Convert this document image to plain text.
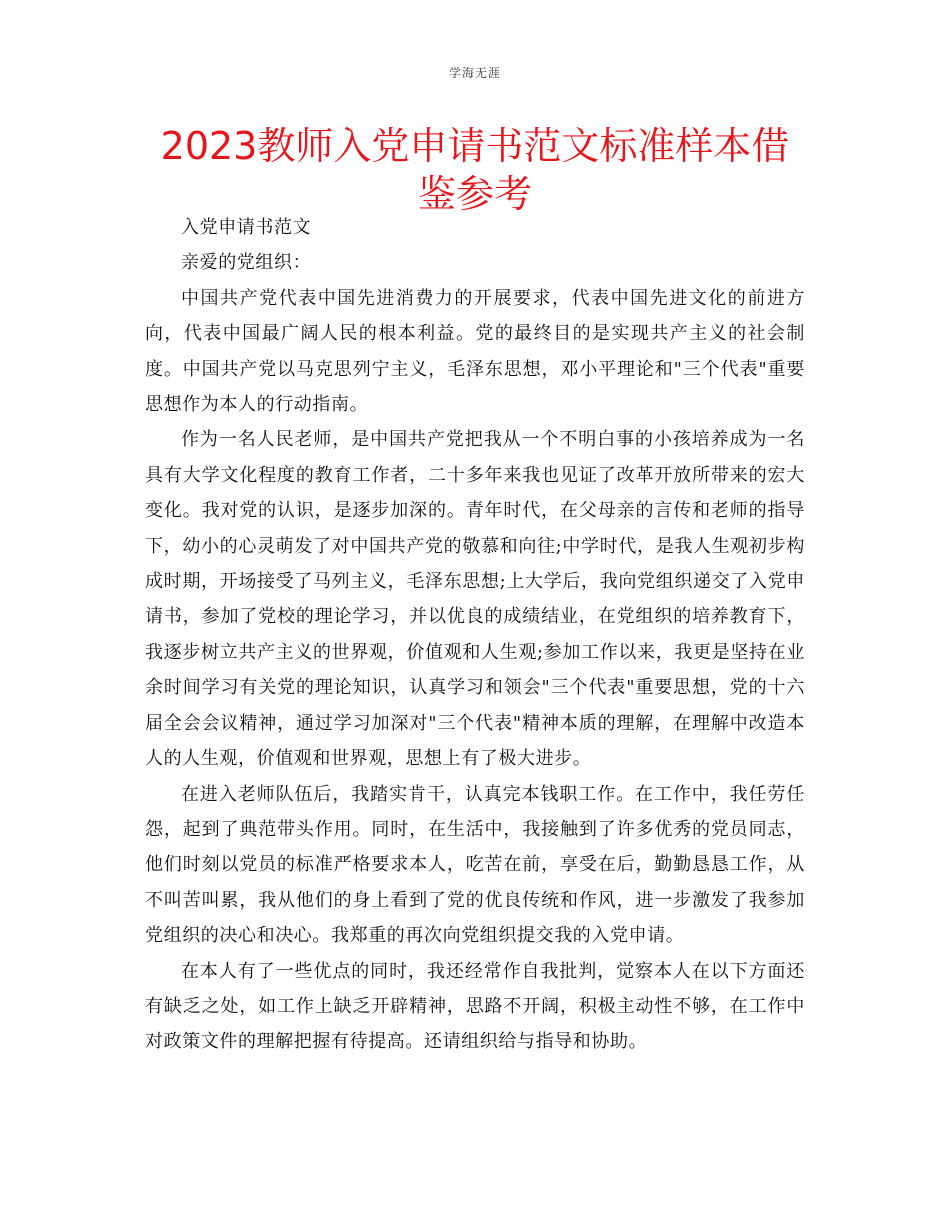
学海无涯
2023教师入党申请书范文标准样本借鉴参考

入党申请书范文

亲爱的党组织：

中国共产党代表中国先进消费力的开展要求，代表中国先进文化的前进方向，代表中国最广阔人民的根本利益。党的最终目的是实现共产主义的社会制度。中国共产党以马克思列宁主义，毛泽东思想，邓小平理论和"三个代表"重要思想作为本人的行动指南。

作为一名人民老师，是中国共产党把我从一个不明白事的小孩培养成为一名具有大学文化程度的教育工作者，二十多年来我也见证了改革开放所带来的宏大变化。我对党的认识，是逐步加深的。青年时代，在父母亲的言传和老师的指导下，幼小的心灵萌发了对中国共产党的敬慕和向往;中学时代，是我人生观初步构成时期，开场接受了马列主义，毛泽东思想;上大学后，我向党组织递交了入党申请书，参加了党校的理论学习，并以优良的成绩结业，在党组织的培养教育下，我逐步树立共产主义的世界观，价值观和人生观;参加工作以来，我更是坚持在业余时间学习有关党的理论知识，认真学习和领会"三个代表"重要思想，党的十六届全会会议精神，通过学习加深对"三个代表"精神本质的理解，在理解中改造本人的人生观，价值观和世界观，思想上有了极大进步。

在进入老师队伍后，我踏实肯干，认真完本钱职工作。在工作中，我任劳任怨，起到了典范带头作用。同时，在生活中，我接触到了许多优秀的党员同志，他们时刻以党员的标准严格要求本人，吃苦在前，享受在后，勤勤恳恳工作，从不叫苦叫累，我从他们的身上看到了党的优良传统和作风，进一步激发了我参加党组织的决心和决心。我郑重的再次向党组织提交我的入党申请。

在本人有了一些优点的同时，我还经常作自我批判，觉察本人在以下方面还有缺乏之处，如工作上缺乏开辟精神，思路不开阔，积极主动性不够，在工作中对政策文件的理解把握有待提高。还请组织给与指导和协助。
